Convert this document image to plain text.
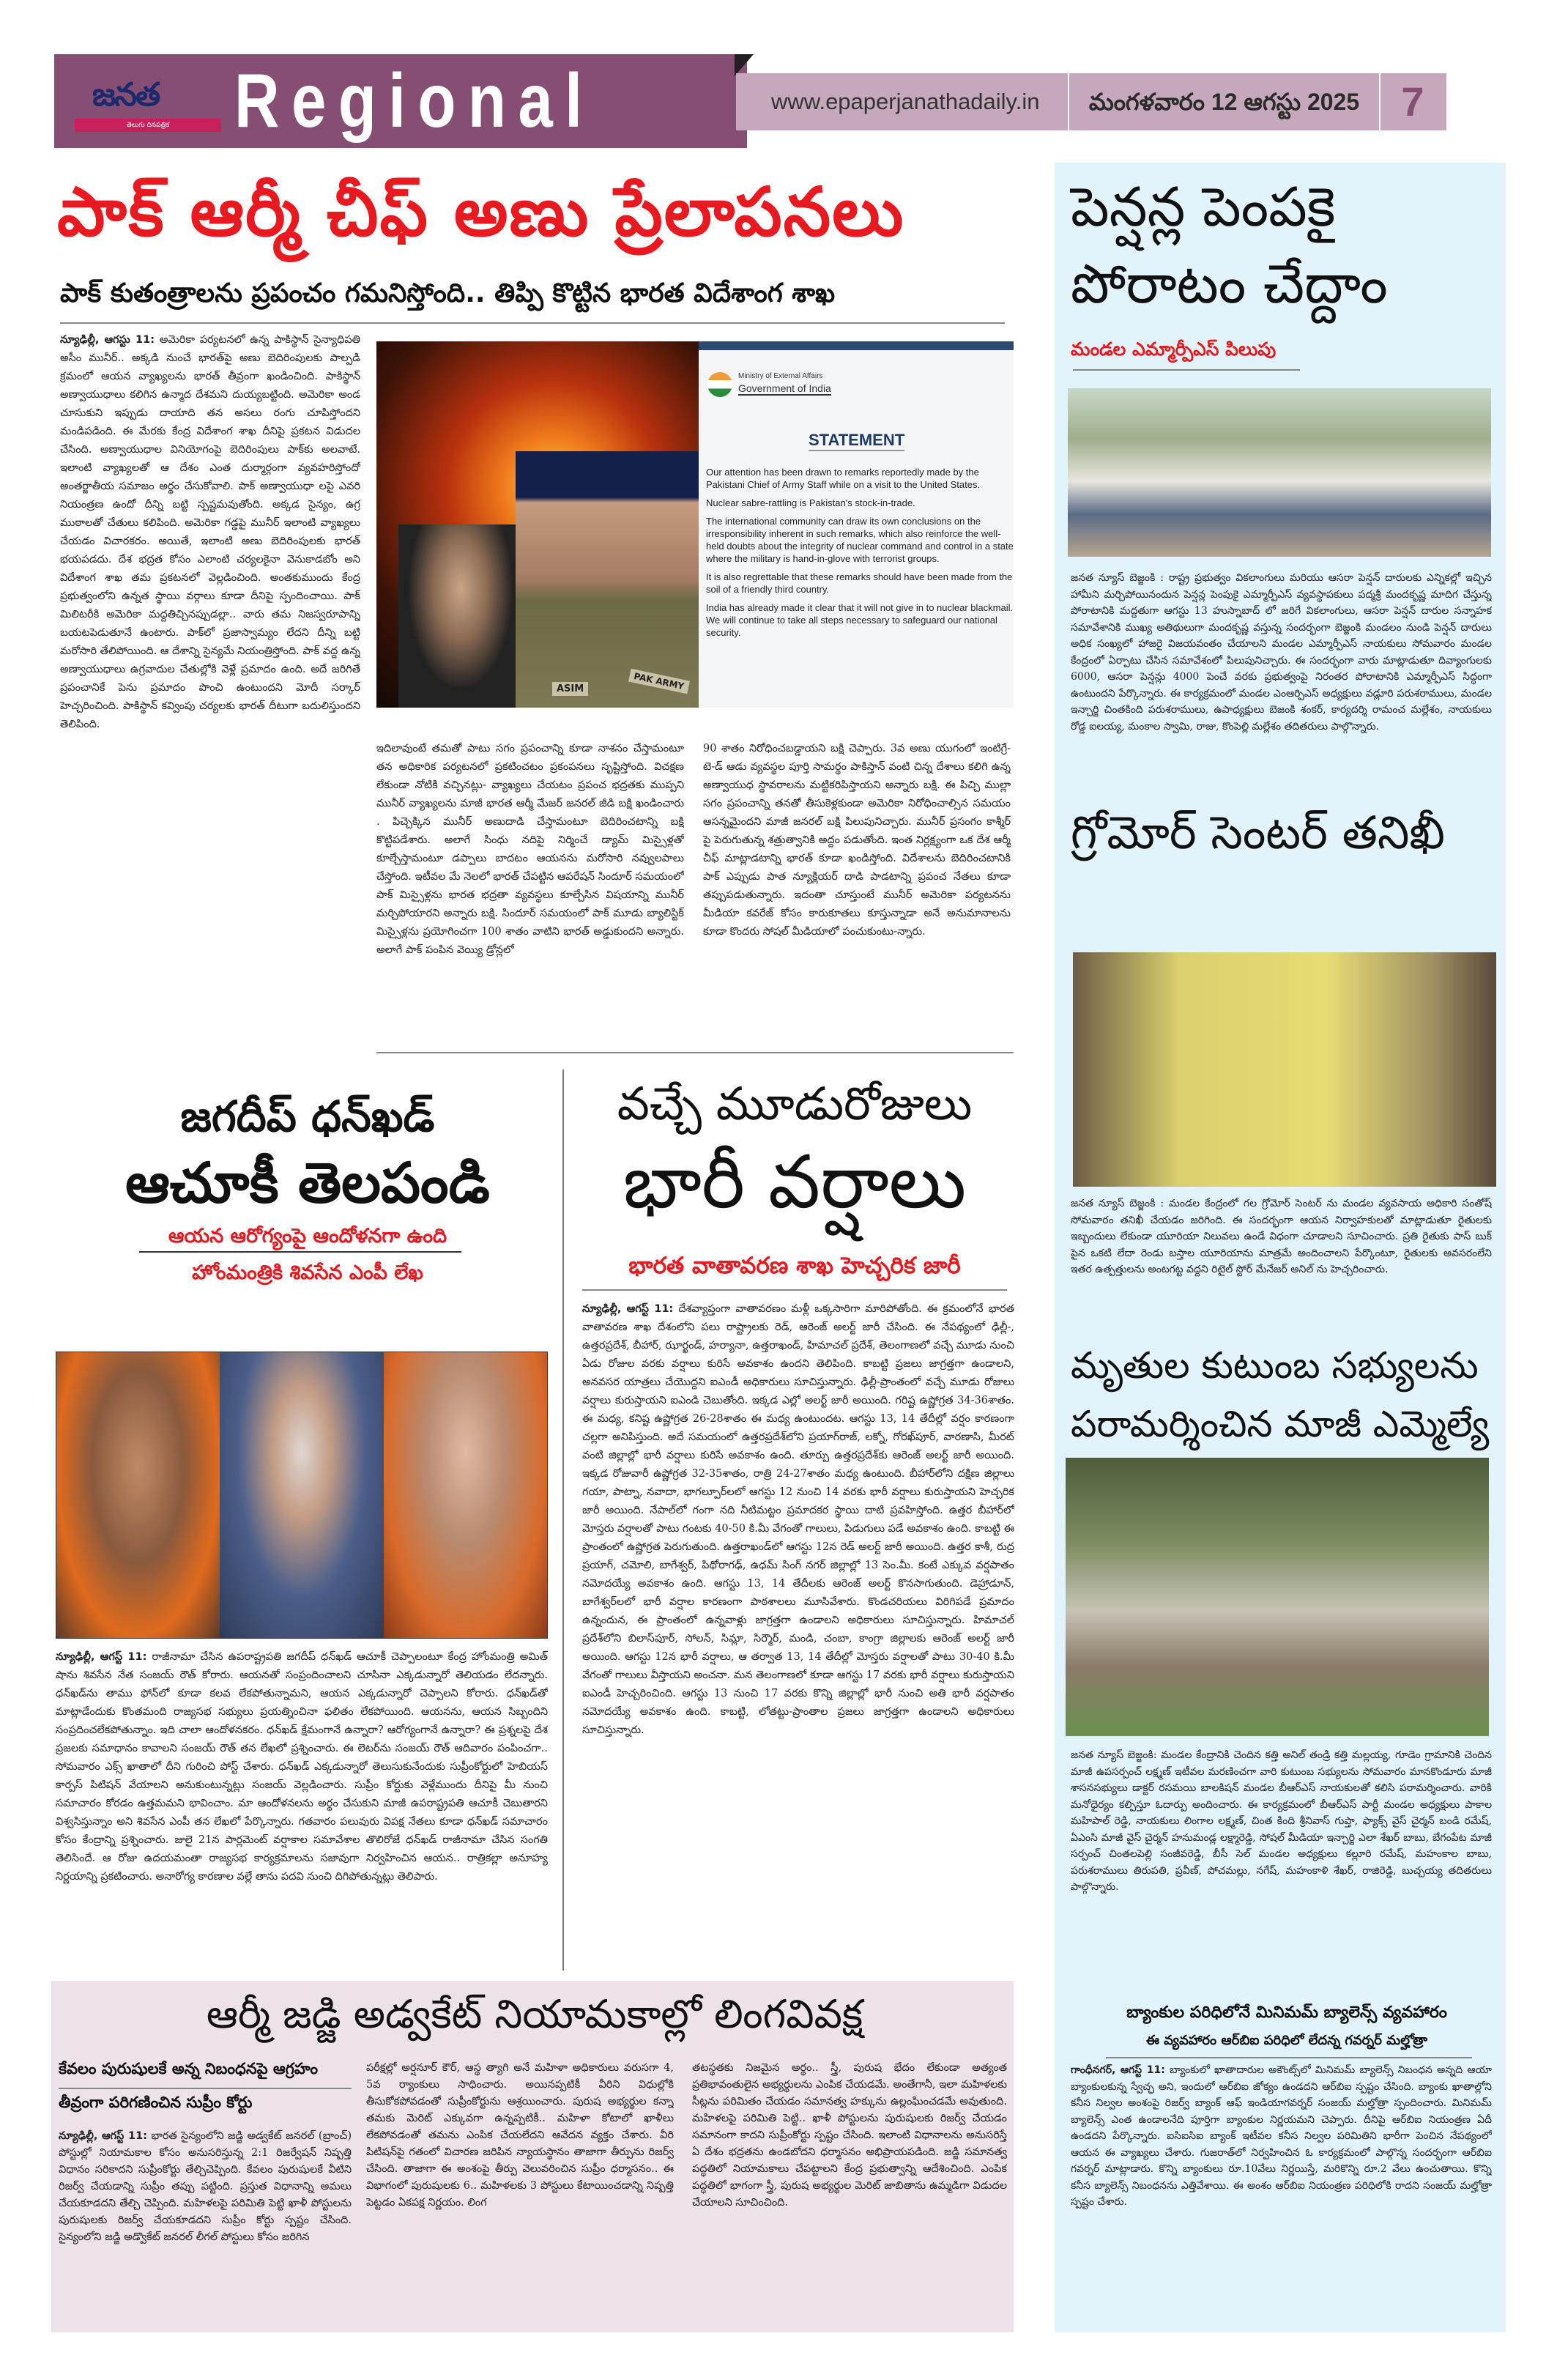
జనత
తెలుగు దినపత్రిక Regional	www.epaperjanathadaily.in	మంగళవారం 12 ఆగస్టు 2025	7
పాక్ ఆర్మీ చీఫ్ అణు ప్రేలాపనలు
పాక్ కుతంత్రాలను ప్రపంచం గమనిస్తోంది.. తిప్పి కొట్టిన భారత విదేశాంగ శాఖ
న్యూఢిల్లీ, ఆగస్టు 11: అమెరికా పర్యటనలో ఉన్న పాకిస్థాన్ సైన్యాధిపతి అసీం మునీర్.. అక్కడి నుంచే భారత్‌పై అణు బెదిరింపులకు పాల్పడి క్రమంలో ఆయన వ్యాఖ్యలను భారత్ తీవ్రంగా ఖండించింది. పాకిస్థాన్ అణ్వాయుధాలు కలిగిన ఉన్మాద దేశమని దుయ్యబట్టింది. అమెరికా అండ చూసుకుని ఇప్పుడు దాయాది తన అసలు రంగు చూపిస్తోందని మండిపడింది. ఈ మేరకు కేంద్ర విదేశాంగ శాఖ దీనిపై ప్రకటన విడుదల చేసింది. అణ్వాయుధాల వినియోగంపై బెదిరింపులు పాక్‌కు అలవాటే. ఇలాంటి వ్యాఖ్యలతో ఆ దేశం ఎంత దుర్మార్గంగా వ్యవహరిస్తోందో అంతర్జాతీయ సమాజం అర్థం చేసుకోవాలి. పాక్ అణ్వాయుధా లపై ఎవరి నియంత్రణ ఉందో దీన్ని బట్టి స్పష్టమవుతోంది. అక్కడ సైన్యం, ఉగ్ర ముఠాలతో చేతులు కలిపింది. అమెరికా గడ్డపై మునీర్ ఇలాంటి వ్యాఖ్యలు చేయడం విచారకరం. అయితే, ఇలాంటి అణు బెదిరింపులకు భారత్ భయపడదు. దేశ భద్రత కోసం ఎలాంటి చర్యలకైనా వెనుకాడబోం అని విదేశాంగ శాఖ తమ ప్రకటనలో వెల్లడించింది. అంతకుముందు కేంద్ర ప్రభుత్వంలోని ఉన్నత స్థాయి వర్గాలు కూడా దీనిపై స్పందించాయి. పాక్ మిలిటరీకి అమెరికా మద్దతిచ్చినప్పుడల్లా.. వారు తమ నిజస్వరూపాన్ని బయటపెడుతూనే ఉంటారు. పాక్‌లో ప్రజాస్వామ్యం లేదని దీన్ని బట్టి మరోసారి తేలిపోయింది. ఆ దేశాన్ని సైన్యమే నియంత్రిస్తోంది. పాక్ వద్ద ఉన్న అణ్వాయుధాలు ఉగ్రవాదుల చేతుల్లోకి వెళ్లే ప్రమాదం ఉంది. అదే జరిగితే ప్రపంచానికే పెను ప్రమాదం పొంచి ఉంటుందని మోదీ సర్కార్ హెచ్చరించింది. పాకిస్థాన్ కవ్వింపు చర్యలకు భారత్ దీటుగా బదులిస్తుందని తెలిపింది.
ASIM	PAK ARMY
Ministry of External Affairs
Government of India
STATEMENT

Our attention has been drawn to remarks reportedly made by the Pakistani Chief of Army Staff while on a visit to the United States.

Nuclear sabre-rattling is Pakistan's stock-in-trade.

The international community can draw its own conclusions on the irresponsibility inherent in such remarks, which also reinforce the well-held doubts about the integrity of nuclear command and control in a state where the military is hand-in-glove with terrorist groups.

It is also regrettable that these remarks should have been made from the soil of a friendly third country.

India has already made it clear that it will not give in to nuclear blackmail. We will continue to take all steps necessary to safeguard our national security.

ఇదిలావుంటే తమతో పాటు సగం ప్రపంచాన్ని కూడా నాశనం చేస్తామంటూ తన అధికారిక పర్యటనలో ప్రకటించటం ప్రకంపనలు సృష్టిస్తోంది. విచక్షణ లేకుండా నోటికి వచ్చినట్లు- వ్యాఖ్యలు చేయటం ప్రపంచ భద్రతకు ముప్పని మునీర్ వ్యాఖ్యలను మాజీ భారత ఆర్మీ మేజర్ జనరల్ జీడి బక్షి ఖండించారు . పిచ్చెక్కిన మునీర్ అణుదాడి చేస్తామంటూ బెదిరించటాన్ని బక్షి కొట్టిపడేశారు. అలాగే సింధు నదిపై నిర్మించే డ్యామ్ మిస్సైళ్లతో కూల్చేస్తామంటూ డప్పాలు బాదటం ఆయనను మరోసారి నవ్వులపాలు చేస్తోంది. ఇటీవల మే నెలలో భారత్ చేపట్టిన ఆపరేషన్ సిందూర్ సమయంలో పాక్ మిస్సైళ్లను భారత భద్రతా వ్యవస్థలు కూల్చేసిన విషయాన్ని మునీర్ మర్చిపోయారని అన్నారు బక్షి. సిందూర్ సమయంలో పాక్ మూడు బ్యాలిస్టిక్ మిస్సైళ్లను ప్రయోగించగా 100 శాతం వాటిని భారత్ అడ్డుకుందని అన్నారు. అలాగే పాక్ పంపిన వెయ్యి డ్రోన్లలో
90 శాతం నిరోధించబడ్డాయని బక్షి చెప్పారు. 3వ అణు యుగంలో ఇంటిగ్రే-టె-డ్ ఆడు వ్యవస్థల పూర్తి సామర్థం పాకిస్తాన్ వంటి చిన్న దేశాలు కలిగి ఉన్న అణ్వాయుధ స్థావరాలను మట్టికరిపిస్తాయని అన్నారు బక్షి. ఈ పిచ్చి ముల్లా సగం ప్రపంచాన్ని తనతో తీసుకెళ్లకుండా అమెరికా నిరోధించాల్సిన సమయం ఆసన్నమైందని మాజీ జనరల్ బక్షి పిలుపునిచ్చారు. మునీర్ ప్రసంగం కాశ్మీర్ పై పెరుగుతున్న శత్రుత్వానికి అద్దం పడుతోంది. ఇంత నిర్లక్ష్యంగా ఒక దేశ ఆర్మీ చీఫ్ మాట్లాడటాన్ని భారత్ కూడా ఖండిస్తోంది. విదేశాలను బెదిరించటానికి పాక్ ఎప్పుడు పాత న్యూక్లియర్ దాడి పాడటాన్ని ప్రపంచ నేతలు కూడా తప్పుపడుతున్నారు. ఇదంతా చూస్తుంటే మునీర్ అమెరికా పర్యటనను మీడియా కవరేజ్ కోసం కారుకూతలు కూస్తున్నాడా అనే అనుమానాలను కూడా కొందరు సోషల్ మీడియాలో పంచుకుంటు-న్నారు.
జగదీప్ ధన్‌ఖడ్
ఆచూకీ తెలపండి
ఆయన ఆరోగ్యంపై ఆందోళనగా ఉంది
హోంమంత్రికి శివసేన ఎంపీ లేఖ
న్యూఢిల్లీ, ఆగస్ట్ 11: రాజీనామా చేసిన ఉపరాష్ట్రపతి జగదీప్ ధన్‌ఖడ్ ఆచూకీ చెప్పాలంటూ కేంద్ర హోంమంత్రి అమిత్ షాను శివసేన నేత సంజయ్ రౌత్ కోరారు. ఆయనతో సంప్రందించాలని చూసినా ఎక్కడున్నారో తెలియడం లేదన్నారు. ధన్‌ఖడ్‌ను తాము ఫోన్‌లో కూడా కలవ లేకపోతున్నామని, ఆయన ఎక్కడున్నారో చెప్పాలని కోరారు. ధన్‌ఖడ్‌తో మాట్లాడేందుకు కొంతమంది రాజ్యసభ సభ్యులు ప్రయత్నించినా ఫలితం లేకపోయింది. ఆయనను, ఆయన సిబ్బందిని సంప్రదించలేకపోతున్నాం. ఇది చాలా ఆందోళనకరం. ధన్‌ఖడ్ క్షేమంగానే ఉన్నారా? ఆరోగ్యంగానే ఉన్నారా? ఈ ప్రశ్నలపై దేశ ప్రజలకు సమాధానం కావాలని సంజయ్ రౌత్ తన లేఖలో ప్రశ్నించారు. ఈ లెటర్‌ను సంజయ్ రౌత్ ఆదివారం పంపించగా.. సోమవారం ఎక్స్ ఖాతాలో దీని గురించి పోస్ట్ చేశారు. ధన్‌ఖడ్ ఎక్కడున్నారో తెలుసుకునేందుకు సుప్రీంకోర్టులో హెబియస్ కార్పస్ పిటిషన్ వేయాలని అనుకుంటున్నట్లు సంజయ్ వెల్లడించారు. సుప్రీం కోర్టుకు వెళ్లేముందు దీనిపై మీ నుంచి సమాచారం కోరడం ఉత్తమమని భావించాం. మా ఆందోళనలను అర్థం చేసుకుని మాజీ ఉపరాష్ట్రపతి ఆచూకీ చెబుతారని విశ్వసిస్తున్నాం అని శివసేన ఎంపీ తన లేఖలో పేర్కొన్నారు. గతవారం పలువురు విపక్ష నేతలు కూడా ధన్‌ఖడ్ సమాచారం కోసం కేంద్రాన్ని ప్రశ్నించారు. జులై 21న పార్లమెంట్ వర్షాకాల సమావేశాల తొలిరోజే ధన్‌ఖడ్ రాజీనామా చేసిన సంగతి తెలిసిందే. ఆ రోజు ఉదయమంతా రాజ్యసభ కార్యక్రమాలను సజావుగా నిర్వహించిన ఆయన.. రాత్రికల్లా అనూహ్య నిర్ణయాన్ని ప్రకటించారు. అనారోగ్య కారణాల వల్లే తాను పదవి నుంచి దిగిపోతున్నట్లు తెలిపారు.
వచ్చే మూడురోజులు
భారీ వర్షాలు
భారత వాతావరణ శాఖ హెచ్చరిక జారీ
న్యూఢిల్లీ, ఆగస్ట్ 11: దేశవ్యాప్తంగా వాతావరణం మళ్లీ ఒక్కసారిగా మారిపోతోంది. ఈ క్రమంలోనే భారత వాతావరణ శాఖ దేశంలోని పలు రాష్ట్రాలకు రెడ్, ఆరెంజ్ అలర్ట్ జారీ చేసింది. ఈ నేపథ్యంలో ఢిల్లీ-, ఉత్తరప్రదేశ్, బీహార్, ఝార్ఖండ్, హర్యానా, ఉత్తరాఖండ్, హిమాచల్ ప్రదేశ్, తెలంగాణలో వచ్చే మూడు నుంచి ఏడు రోజుల వరకు వర్షాలు కురిసే అవకాశం ఉందని తెలిపింది. కాబట్టి ప్రజలు జాగ్రత్తగా ఉండాలని, అనవసర యాత్రలు చేయొద్దని ఐఎండీ అధికారులు సూచిస్తున్నారు. ఢిల్లీ-ప్రాంతంలో వచ్చే మూడు రోజులు వర్షాలు కురుస్తాయని ఐఎండి చెబుతోంది. ఇక్కడ ఎల్లో అలర్ట్ జారీ అయింది. గరిష్ట ఉష్ణోగ్రత 34-36శాతం. ఈ మధ్య, కనిష్ట ఉష్ణోగ్రత 26-28శాతం ఈ మధ్య ఉంటుందట. ఆగస్టు 13, 14 తేదీల్లో వర్షం కారణంగా చల్లగా అనిపిస్తుంది. అదే సమయంలో ఉత్తరప్రదేశ్‌లోని ప్రయాగ్‌రాజ్, లక్నో, గోరఖ్‌పూర్, వారణాసి, మీరట్ వంటి జిల్లాల్లో భారీ వర్షాలు కురిసే అవకాశం ఉంది. తూర్పు ఉత్తరప్రదేశ్‌కు ఆరెంజ్ అలర్ట్ జారీ అయింది. ఇక్కడ రోజువారీ ఉష్ణోగ్రత 32-35శాతం, రాత్రి 24-27శాతం మధ్య ఉంటుంది. బీహార్‌లోని దక్షిణ జిల్లాలు గయా, పాట్నా, నవాదా, భాగల్పూర్‌లలో ఆగస్టు 12 నుంచి 14 వరకు భారీ వర్షాలు కురుస్తాయని హెచ్చరిక జారీ అయింది. నేపాల్‌లో గంగా నది నీటిమట్టం ప్రమాదకర స్థాయి దాటి ప్రవహిస్తోంది. ఉత్తర బీహార్‌లో మోస్తరు వర్షాలతో పాటు గంటకు 40-50 కి.మీ వేగంతో గాలులు, పిడుగులు పడే అవకాశం ఉంది. కాబట్టి ఈ ప్రాంతంలో ఉష్ణోగ్రత పెరుగుతుంది. ఉత్తరాఖండ్‌లో ఆగస్టు 12న రెడ్ అలర్ట్ జారీ అయింది. ఉత్తర కాశీ, రుద్ర ప్రయాగ్, చమోలి, బాగేశ్వర్, పిథోరాగఢ్, ఉధమ్ సింగ్ నగర్ జిల్లాల్లో 13 సెం.మీ. కంటే ఎక్కువ వర్షపాతం నమోదయ్యే అవకాశం ఉంది. ఆగస్టు 13, 14 తేదీలకు ఆరెంజ్ అలర్ట్ కొనసాగుతుంది. డెహ్రాడూన్, బాగేశ్వర్‌లలో భారీ వర్షాల కారణంగా పాఠశాలలు మూసివేశారు. కొండచరియలు విరిగిపడే ప్రమాదం ఉన్నందున, ఈ ప్రాంతంలో ఉన్నవాళ్లు జాగ్రత్తగా ఉండాలని అధికారులు సూచిస్తున్నారు. హిమాచల్ ప్రదేశ్‌లోని బిలాస్‌పూర్, సోలన్, సిమ్లా, సిర్మౌర్, మండి, చంబా, కాంగ్రా జిల్లాలకు ఆరెంజ్ అలర్ట్ జారీ అయింది. ఆగస్టు 12న భారీ వర్షాలు, ఆ తర్వాత 13, 14 తేదీల్లో మోస్తరు వర్షాలతో పాటు 30-40 కి.మీ వేగంతో గాలులు వీస్తాయని అంచనా. మన తెలంగాణలో కూడా ఆగస్టు 17 వరకు భారీ వర్షాలు కురుస్తాయని ఐఎండీ హెచ్చరించింది. ఆగస్టు 13 నుంచి 17 వరకు కొన్ని జిల్లాల్లో భారీ నుంచి అతి భారీ వర్షపాతం నమోదయ్యే అవకాశం ఉంది. కాబట్టి, లోతట్టు-ప్రాంతాల ప్రజలు జాగ్రత్తగా ఉండాలని అధికారులు సూచిస్తున్నారు.
ఆర్మీ జడ్జి అడ్వకేట్ నియామకాల్లో లింగవివక్ష
కేవలం పురుషులకే అన్న నిబంధనపై ఆగ్రహం
తీవ్రంగా పరిగణించిన సుప్రీం కోర్టు
న్యూఢిల్లీ, ఆగస్ట్ 11: భారత సైన్యంలోని జడ్జి అడ్వకేట్ జనరల్ (బ్రాంచ్) పోస్టుల్లో నియామకాల కోసం అనుసరిస్తున్న 2:1 రిజర్వేషన్ నిష్పత్తి విధానం సరికాదని సుప్రీంకోర్టు తేల్చిచెప్పింది. కేవలం పురుషులకే వీటిని రిజర్వ్ చేయడాన్ని సుప్రీం తప్పు పట్టింది. ప్రస్తుత విధానాన్ని అమలు చేయకూడదని తేల్చి చెప్పింది. మహిళలపై పరిమితి పెట్టి ఖాళీ పోస్టులను పురుషులకు రిజర్వ్ చేయకూడదని సుప్రీం కోర్టు స్పష్టం చేసింది. సైన్యంలోని జడ్జి అడ్వొకేట్ జనరల్ లీగల్ పోస్టులు కోసం జరిగిన
పరీక్షల్లో అర్షనూర్ కౌర్, ఆస్థ త్యాగి అనే మహిళా అధికారులు వరుసగా 4, 5వ ర్యాంకులు సాధించారు. అయినప్పటికీ వీరిని విధుల్లోకి తీసుకోకపోవడంతో సుప్రీంకోర్టును ఆశ్రయించారు. పురుష అభ్యర్థుల కన్నా తమకు మెరిట్ ఎక్కువగా ఉన్నప్పటికీ.. మహిళా కోటాలో ఖాళీలు లేకపోవడంతో తమను ఎంపిక చేయలేదని ఆవేదన వ్యక్తం చేశారు. వీరి పిటిషన్‌పై గతంలో విచారణ జరిపిన న్యాయస్థానం తాజాగా తీర్పును రిజర్వ్ చేసింది. తాజాగా ఈ అంశంపై తీర్పు వెలువరించిన సుప్రీం ధర్మాసనం.. ఈ విభాగంలో పురుషులకు 6.. మహిళలకు 3 పోస్టులు కేటాయించడాన్ని నిష్పత్తి పెట్టడం ఏకపక్ష నిర్ణయం. లింగ
తటస్థతకు నిజమైన అర్థం.. స్త్రీ, పురుష భేదం లేకుండా అత్యంత ప్రతిభావంతులైన అభ్యర్థులను ఎంపిక చేయడమే. అంతేగానీ, ఇలా మహిళలకు సీట్లను పరిమితం చేయడం సమానత్వ హక్కును ఉల్లంఘించడమే అవుతుంది. మహిళలపై పరిమితి పెట్టి.. ఖాళీ పోస్టులను పురుషులకు రిజర్వ్ చేయడం సమానంగా కాదని సుప్రీంకోర్టు స్పష్టం చేసింది. ఇలాంటి విధానాలను అనుసరిస్తే ఏ దేశం భద్రతను ఉండబోదని ధర్మాసనం అభిప్రాయపడింది. జడ్జి సమానత్వ పద్ధతిలో నియామకాలు చేపట్టాలని కేంద్ర ప్రభుత్వాన్ని ఆదేశించింది. ఎంపిక పద్ధతిలో భాగంగా స్త్రీ, పురుష అభ్యర్థుల మెరిట్ జాబితాను ఉమ్మడిగా విడుదల చేయాలని సూచించింది.
పెన్షన్ల పెంపకై
పోరాటం చేద్దాం
మండల ఎమ్మార్పీఎస్ పిలుపు
జనత న్యూస్ బెజ్జంకి : రాష్ట్ర ప్రభుత్వం వికలాంగులు మరియు ఆసరా పెన్షన్ దారులకు ఎన్నికల్లో ఇచ్చిన హామీని మర్చిపోయినందున పెన్షన్ల పెంపుకై ఎమ్మార్పీఎస్ వ్యవస్థాపకులు పద్మశ్రీ మందకృష్ణ మాదిగ చేస్తున్న పోరాటానికి మద్దతుగా ఆగస్టు 13 హుస్నాబాద్ లో జరిగే వికలాంగులు, ఆసరా పెన్షన్ దారుల సన్నాహక సమావేశానికి ముఖ్య అతిథులుగా మందకృష్ణ వస్తున్న సందర్భంగా బెజ్జంకి మండలం నుండి పెన్షన్ దారులు అధిక సంఖ్యలో హాజరై విజయవంతం చేయాలని మండల ఎమ్మార్పీఎస్ నాయకులు సోమవారం మండల కేంద్రంలో ఏర్పాటు చేసిన సమావేశంలో పిలుపునిచ్చారు. ఈ సందర్భంగా వారు మాట్లాడుతూ దివ్యాంగులకు 6000, ఆసరా పెన్షన్లు 4000 పెంచే వరకు ప్రభుత్వంపై నిరంతర పోరాటానికి ఎమ్మార్పీఎస్ సిద్ధంగా ఉంటుందని పేర్కొన్నారు. ఈ కార్యక్రమంలో మండల ఎంఆర్పిఎస్ అధ్యక్షులు వడ్లూరి పరుశరాములు, మండల ఇన్చార్జి చింతకింది పరుశరాములు, ఉపాధ్యక్షులు బెజంకి శంకర్, కార్యదర్శి రామంచ మల్లేశం, నాయకులు రోడ్డ ఐలయ్య, మంకాల స్వామి, రాజు, కొంపెల్లి మల్లేశం తదితరులు పాల్గొన్నారు.
గ్రోమోర్ సెంటర్ తనిఖీ
జనత న్యూస్ బెజ్జంకి : మండల కేంద్రంలో గల గ్రోమోర్ సెంటర్ ను మండల వ్యవసాయ అధికారి సంతోష్ సోమవారం తనిఖీ చేయడం జరిగింది. ఈ సందర్భంగా ఆయన నిర్వాహకులతో మాట్లాడుతూ రైతులకు ఇబ్బందులు లేకుండా యూరియా నిలువలు ఉండే విధంగా చూడాలని సూచించారు. ప్రతి రైతుకు పాస్ బుక్ పైన ఒకటి లేదా రెండు బస్తాల యూరియాను మాత్రమే అందించాలని పేర్కొంటూ, రైతులకు అవసరంలేని ఇతర ఉత్పత్తులను అంటగట్ట వద్దని రిటైల్ స్టోర్ మేనేజర్ అనిల్ ను హెచ్చరించారు.
మృతుల కుటుంబ సభ్యులను
పరామర్శించిన మాజీ ఎమ్మెల్యే
జనత న్యూస్ బెజ్జంకి: మండల కేంద్రానికి చెందిన కత్తి అనిల్ తండ్రి కత్తి మల్లయ్య, గూడెం గ్రామానికి చెందిన మాజీ ఉపసర్పంచ్ లక్ష్మణ్ ఇటీవల మరణించగా వారి కుటుంబ సభ్యులను సోమవారం మానకొండూరు మాజీ శాసనసభ్యులు డాక్టర్ రసమయి బాలకిషన్ మండల బీఆర్ఎస్ నాయకులతో కలిసి పరామర్శించారు. వారికి మనోధైర్యం కల్పిస్తూ ఓదార్పు అందించారు. ఈ కార్యక్రమంలో బీఆర్ఎస్ పార్టీ మండల అధ్యక్షులు పాకాల మహిపాల్ రెడ్డి, నాయకులు లింగాల లక్ష్మణ్, చింత కింది శ్రీనివాస్ గుప్తా, ఫ్యాక్స్ వైస్ చైర్మన్ బండి రమేష్, ఏఎంసి మాజీ వైస్ చైర్మన్ హనుమండ్ల లక్ష్మారెడ్డి, సోషల్ మీడియా ఇన్చార్జి ఎలా శేఖర్ బాబు, బేగంపేట మాజీ సర్పంచ్ చింతలపెల్లి సంజీవరెడ్డి, బీసీ సెల్ మండల అధ్యక్షులు కల్లూరి రమేష్, మహంకాల బాబు, పరుశరాములు తిరుపతి, ప్రవీణ్, పోచమల్లు, నగేష్, మహంకాళి శేఖర్, రాజిరెడ్డి, బుచ్చయ్య తదితరులు పాల్గొన్నారు.
బ్యాంకుల పరిధిలోనే మినిమమ్ బ్యాలెన్స్ వ్యవహారం
ఈ వ్యవహారం ఆర్‌బిఐ పరిధిలో లేదన్న గవర్నర్ మల్హోత్రా
గాంధీనగర్, ఆగస్ట్ 11: బ్యాంకులో ఖాతాదారుల అకౌంట్స్‌లో మినిమమ్ బ్యాలెన్స్ నిబంధన అన్నది ఆయా బ్యాంకులకున్న స్వేచ్ఛ అని, ఇందులో ఆర్‌బిఐ జోక్యం ఉండదని ఆర్‌బిఐ స్పష్టం చేసింది. బ్యాంకు ఖాతాల్లోని కనీస నిల్వల అంశంపై రిజర్వ్ బ్యాంక్ ఆఫ్ ఇండియాగవర్నర్ సంజయ్ మల్హోత్రా స్పందించారు. మినిమమ్ బ్యాలెన్స్ ఎంత ఉండాలనేది పూర్తిగా బ్యాంకుల నిర్ణయమని చెప్పారు. దీనిపై ఆర్‌బిఐ నియంత్రణ ఏదీ ఉండదని పేర్కొన్నారు. ఐసిఐసిఐ బ్యాంక్ ఇటీవల కనీస నిల్వల పరిమితిని భారీగా పెంచిన నేపథ్యంలో ఆయన ఈ వ్యాఖ్యలు చేశారు. గుజరాత్‌లో నిర్వహించిన ఓ కార్యక్రమంలో పాల్గొన్న సందర్భంగా ఆర్‌బిఐ గవర్నర్ మాట్లాడారు. కొన్ని బ్యాంకులు రూ.10వేలు నిర్ణయిస్తే, మరికొన్ని రూ.2 వేలు ఉంచుతాయి. కొన్ని కనీస బ్యాలెన్స్ నిబంధనను ఎత్తివేశాయి. ఈ అంశం ఆర్‌బిఐ నియంత్రణ పరిధిలోకి రాదని సంజయ్ మల్హోత్రా స్పష్టం చేశారు.
